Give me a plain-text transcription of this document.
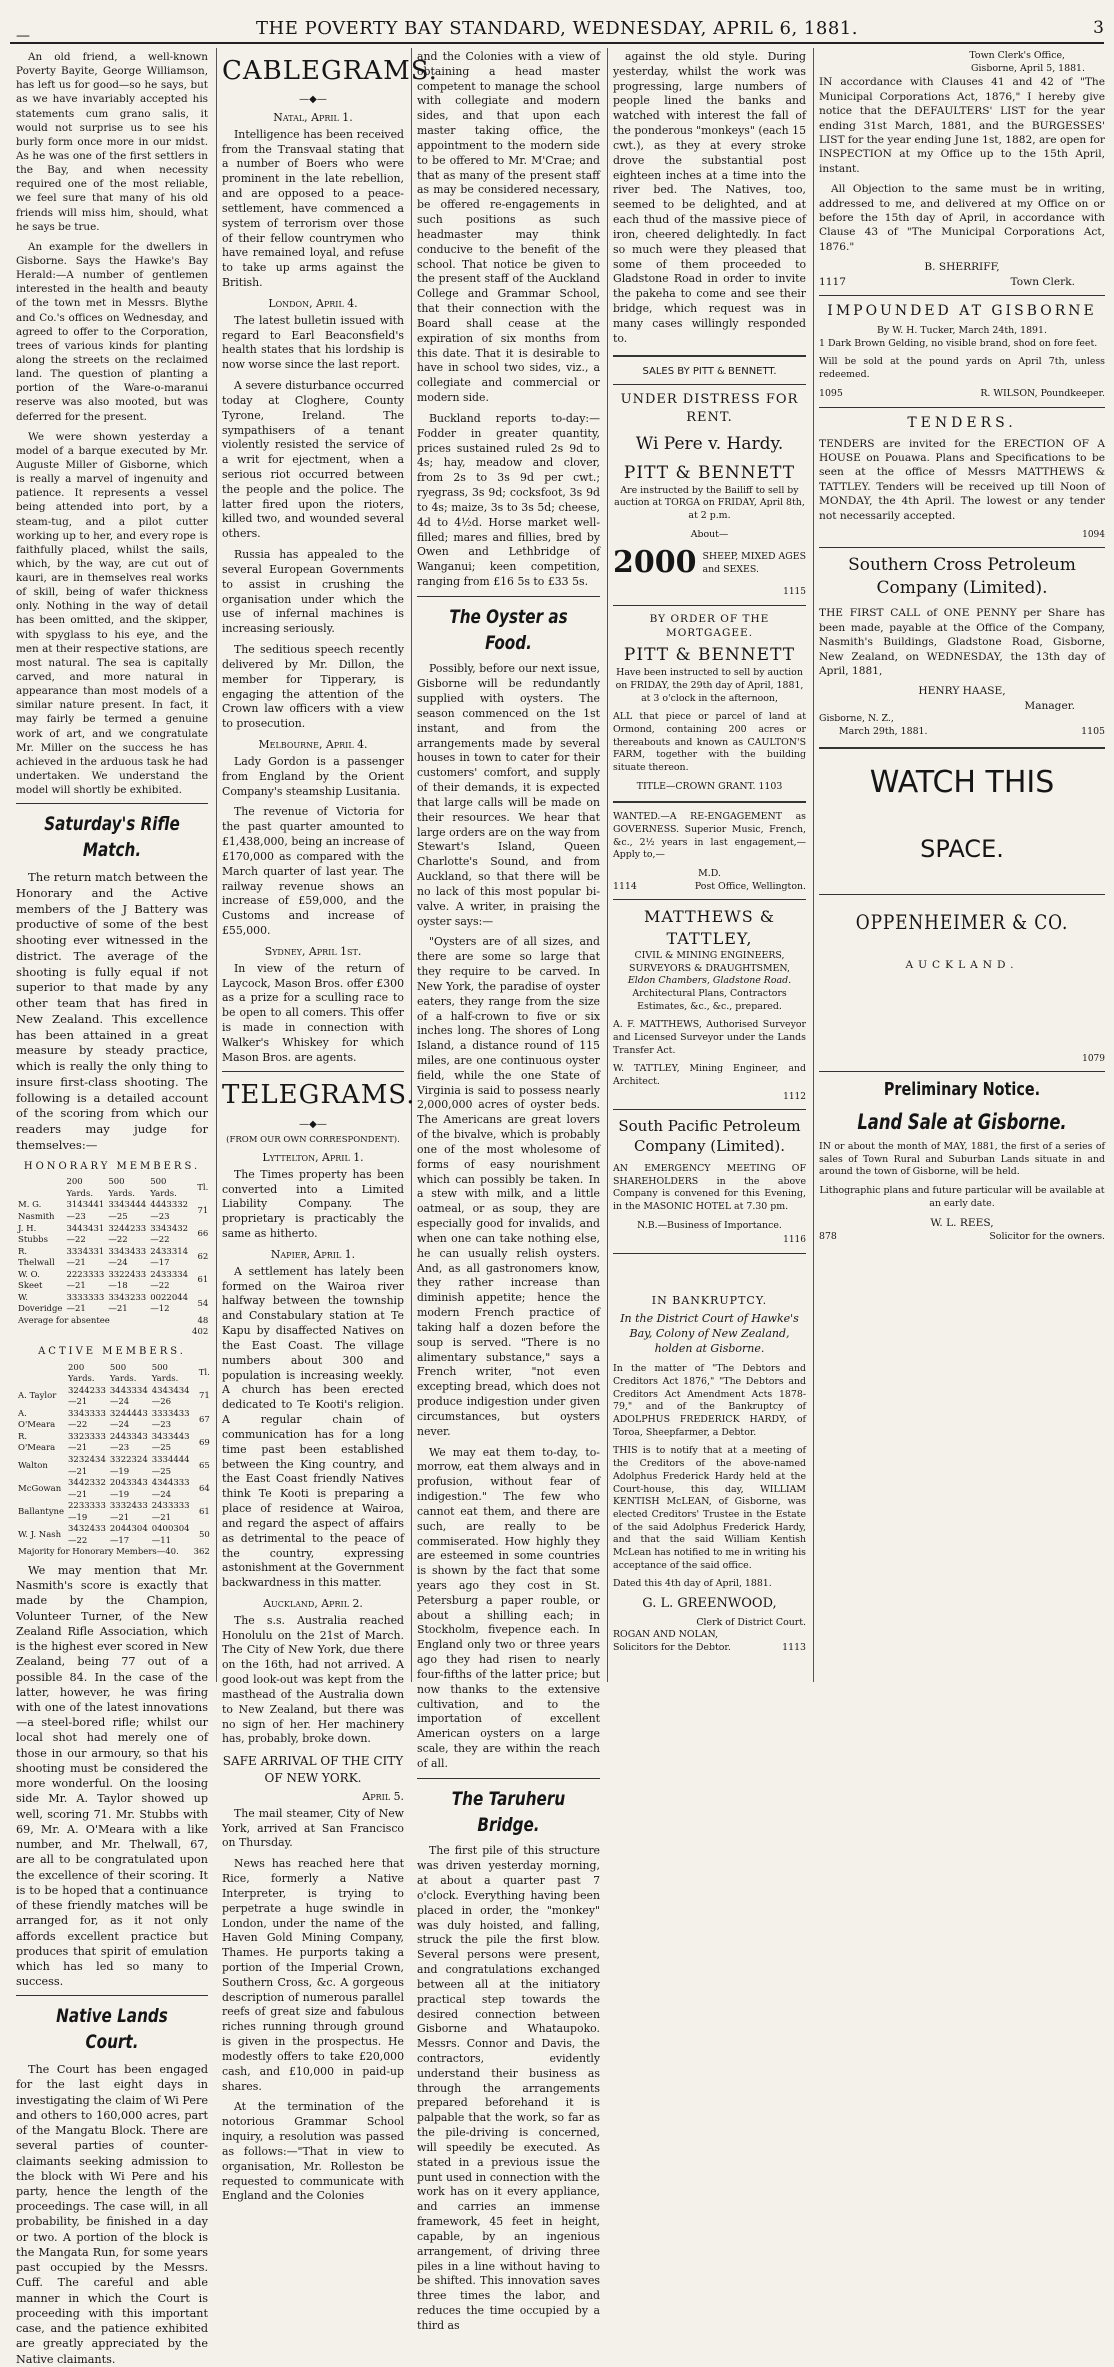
—	THE POVERTY BAY STANDARD, WEDNESDAY, APRIL 6, 1881.	3

An old friend, a well-known Poverty Bayite, George Williamson, has left us for good—so he says, but as we have invariably accepted his statements cum grano salis, it would not surprise us to see his burly form once more in our midst. As he was one of the first settlers in the Bay, and when necessity required one of the most reliable, we feel sure that many of his old friends will miss him, should, what he says be true.

An example for the dwellers in Gisborne. Says the Hawke's Bay Herald:—A number of gentlemen interested in the health and beauty of the town met in Messrs. Blythe and Co.'s offices on Wednesday, and agreed to offer to the Corporation, trees of various kinds for planting along the streets on the reclaimed land. The question of planting a portion of the Ware-o-maranui reserve was also mooted, but was deferred for the present.

We were shown yesterday a model of a barque executed by Mr. Auguste Miller of Gisborne, which is really a marvel of ingenuity and patience. It represents a vessel being attended into port, by a steam-tug, and a pilot cutter working up to her, and every rope is faithfully placed, whilst the sails, which, by the way, are cut out of kauri, are in themselves real works of skill, being of wafer thickness only. Nothing in the way of detail has been omitted, and the skipper, with spyglass to his eye, and the men at their respective stations, are most natural. The sea is capitally carved, and more natural in appearance than most models of a similar nature present. In fact, it may fairly be termed a genuine work of art, and we congratulate Mr. Miller on the success he has achieved in the arduous task he had undertaken. We understand the model will shortly be exhibited.

Saturday's Rifle Match.

The return match between the Honorary and the Active members of the J Battery was productive of some of the best shooting ever witnessed in the district. The average of the shooting is fully equal if not superior to that made by any other team that has fired in New Zealand. This excellence has been attained in a great measure by steady practice, which is really the only thing to insure first-class shooting. The following is a detailed account of the scoring from which our readers may judge for themselves:—

HONORARY MEMBERS.
	200 Yards.	500 Yards.	500 Yards.	Tl.
M. G. Nasmith	3143441—23	3343444—25	4443332—23	71
J. H. Stubbs	3443431—22	3244233—22	3343432—22	66
R. Thelwall	3334331—21	3343433—24	2433314—17	62
W. O. Skeet	2223333—21	3322433—18	2433334—22	61
W. Doveridge	3333333—21	3343233—21	0022044—12	54
Average for absentee				48
				402
ACTIVE MEMBERS.
	200 Yards.	500 Yards.	500 Yards.	Tl.
A. Taylor	3244233—21	3443334—24	4343434—26	71
A. O'Meara	3343333—22	3244443—24	3333433—23	67
R. O'Meara	3323333—21	2443343—23	3433443—25	69
Walton	3232434—21	3322324—19	3334444—25	65
McGowan	3442332—21	2043343—19	4344333—24	64
Ballantyne	2233333—19	3332433—21	2433333—21	61
W. J. Nash	3432433—22	2044304—17	0400304—11	50
Majority for Honorary Members—40.				362

We may mention that Mr. Nasmith's score is exactly that made by the Champion, Volunteer Turner, of the New Zealand Rifle Association, which is the highest ever scored in New Zealand, being 77 out of a possible 84. In the case of the latter, however, he was firing with one of the latest innovations—a steel-bored rifle; whilst our local shot had merely one of those in our armoury, so that his shooting must be considered the more wonderful. On the loosing side Mr. A. Taylor showed up well, scoring 71. Mr. Stubbs with 69, Mr. A. O'Meara with a like number, and Mr. Thelwall, 67, are all to be congratulated upon the excellence of their scoring. It is to be hoped that a continuance of these friendly matches will be arranged for, as it not only affords excellent practice but produces that spirit of emulation which has led so many to success.

Native Lands Court.

The Court has been engaged for the last eight days in investigating the claim of Wi Pere and others to 160,000 acres, part of the Mangatu Block. There are several parties of counter-claimants seeking admission to the block with Wi Pere and his party, hence the length of the proceedings. The case will, in all probability, be finished in a day or two. A portion of the block is the Mangata Run, for some years past occupied by the Messrs. Cuff. The careful and able manner in which the Court is proceeding with this important case, and the patience exhibited are greatly appreciated by the Native claimants.

CABLEGRAMS.
—◆—
Natal, April 1.

Intelligence has been received from the Transvaal stating that a number of Boers who were prominent in the late rebellion, and are opposed to a peace-settlement, have commenced a system of terrorism over those of their fellow countrymen who have remained loyal, and refuse to take up arms against the British.

London, April 4.

The latest bulletin issued with regard to Earl Beaconsfield's health states that his lordship is now worse since the last report.

A severe disturbance occurred today at Cloghere, County Tyrone, Ireland. The sympathisers of a tenant violently resisted the service of a writ for ejectment, when a serious riot occurred between the people and the police. The latter fired upon the rioters, killed two, and wounded several others.

Russia has appealed to the several European Governments to assist in crushing the organisation under which the use of infernal machines is increasing seriously.

The seditious speech recently delivered by Mr. Dillon, the member for Tipperary, is engaging the attention of the Crown law officers with a view to prosecution.

Melbourne, April 4.

Lady Gordon is a passenger from England by the Orient Company's steamship Lusitania.

The revenue of Victoria for the past quarter amounted to £1,438,000, being an increase of £170,000 as compared with the March quarter of last year. The railway revenue shows an increase of £59,000, and the Customs and increase of £55,000.

Sydney, April 1st.

In view of the return of Laycock, Mason Bros. offer £300 as a prize for a sculling race to be open to all comers. This offer is made in connection with Walker's Whiskey for which Mason Bros. are agents.

TELEGRAMS.
—◆—
(FROM OUR OWN CORRESPONDENT).
Lyttelton, April 1.

The Times property has been converted into a Limited Liability Company. The proprietary is practicably the same as hitherto.

Napier, April 1.

A settlement has lately been formed on the Wairoa river halfway between the township and Constabulary station at Te Kapu by disaffected Natives on the East Coast. The village numbers about 300 and population is increasing weekly. A church has been erected dedicated to Te Kooti's religion. A regular chain of communication has for a long time past been established between the King country, and the East Coast friendly Natives think Te Kooti is preparing a place of residence at Wairoa, and regard the aspect of affairs as detrimental to the peace of the country, expressing astonishment at the Government backwardness in this matter.

Auckland, April 2.

The s.s. Australia reached Honolulu on the 21st of March. The City of New York, due there on the 16th, had not arrived. A good look-out was kept from the masthead of the Australia down to New Zealand, but there was no sign of her. Her machinery has, probably, broke down.

SAFE ARRIVAL OF THE CITY OF NEW YORK.
April 5.

The mail steamer, City of New York, arrived at San Francisco on Thursday.

News has reached here that Rice, formerly a Native Interpreter, is trying to perpetrate a huge swindle in London, under the name of the Haven Gold Mining Company, Thames. He purports taking a portion of the Imperial Crown, Southern Cross, &c. A gorgeous description of numerous parallel reefs of great size and fabulous riches running through ground is given in the prospectus. He modestly offers to take £20,000 cash, and £10,000 in paid-up shares.

At the termination of the notorious Grammar School inquiry, a resolution was passed as follows:—"That in view to organisation, Mr. Rolleston be requested to communicate with England and the Colonies

and the Colonies with a view of obtaining a head master competent to manage the school with collegiate and modern sides, and that upon each master taking office, the appointment to the modern side to be offered to Mr. M'Crae; and that as many of the present staff as may be considered necessary, be offered re-engagements in such positions as such headmaster may think conducive to the benefit of the school. That notice be given to the present staff of the Auckland College and Grammar School, that their connection with the Board shall cease at the expiration of six months from this date. That it is desirable to have in school two sides, viz., a collegiate and commercial or modern side.

Buckland reports to-day:—Fodder in greater quantity, prices sustained ruled 2s 9d to 4s; hay, meadow and clover, from 2s to 3s 9d per cwt.; ryegrass, 3s 9d; cocksfoot, 3s 9d to 4s; maize, 3s to 3s 5d; cheese, 4d to 4½d. Horse market well-filled; mares and fillies, bred by Owen and Lethbridge of Wanganui; keen competition, ranging from £16 5s to £33 5s.

The Oyster as Food.

Possibly, before our next issue, Gisborne will be redundantly supplied with oysters. The season commenced on the 1st instant, and from the arrangements made by several houses in town to cater for their customers' comfort, and supply of their demands, it is expected that large calls will be made on their resources. We hear that large orders are on the way from Stewart's Island, Queen Charlotte's Sound, and from Auckland, so that there will be no lack of this most popular bi-valve. A writer, in praising the oyster says:—

"Oysters are of all sizes, and there are some so large that they require to be carved. In New York, the paradise of oyster eaters, they range from the size of a half-crown to five or six inches long. The shores of Long Island, a distance round of 115 miles, are one continuous oyster field, while the one State of Virginia is said to possess nearly 2,000,000 acres of oyster beds. The Americans are great lovers of the bivalve, which is probably one of the most wholesome of forms of easy nourishment which can possibly be taken. In a stew with milk, and a little oatmeal, or as soup, they are especially good for invalids, and when one can take nothing else, he can usually relish oysters. And, as all gastronomers know, they rather increase than diminish appetite; hence the modern French practice of taking half a dozen before the soup is served. "There is no alimentary substance," says a French writer, "not even excepting bread, which does not produce indigestion under given circumstances, but oysters never.

We may eat them to-day, to-morrow, eat them always and in profusion, without fear of indigestion." The few who cannot eat them, and there are such, are really to be commiserated. How highly they are esteemed in some countries is shown by the fact that some years ago they cost in St. Petersburg a paper rouble, or about a shilling each; in Stockholm, fivepence each. In England only two or three years ago they had risen to nearly four-fifths of the latter price; but now thanks to the extensive cultivation, and to the importation of excellent American oysters on a large scale, they are within the reach of all.

The Taruheru Bridge.

The first pile of this structure was driven yesterday morning, at about a quarter past 7 o'clock. Everything having been placed in order, the "monkey" was duly hoisted, and falling, struck the pile the first blow. Several persons were present, and congratulations exchanged between all at the initiatory practical step towards the desired connection between Gisborne and Whataupoko. Messrs. Connor and Davis, the contractors, evidently understand their business as through the arrangements prepared beforehand it is palpable that the work, so far as the pile-driving is concerned, will speedily be executed. As stated in a previous issue the punt used in connection with the work has on it every appliance, and carries an immense framework, 45 feet in height, capable, by an ingenious arrangement, of driving three piles in a line without having to be shifted. This innovation saves three times the labor, and reduces the time occupied by a third as

against the old style. During yesterday, whilst the work was progressing, large numbers of people lined the banks and watched with interest the fall of the ponderous "monkeys" (each 15 cwt.), as they at every stroke drove the substantial post eighteen inches at a time into the river bed. The Natives, too, seemed to be delighted, and at each thud of the massive piece of iron, cheered delightedly. In fact so much were they pleased that some of them proceeded to Gladstone Road in order to invite the pakeha to come and see their bridge, which request was in many cases willingly responded to.

SALES BY PITT & BENNETT.
UNDER DISTRESS FOR RENT.
Wi Pere v. Hardy.
PITT & BENNETT

Are instructed by the Bailiff to sell by auction at TORGA on FRIDAY, April 8th, at 2 p.m.

About—
2000 SHEEP, MIXED AGES and SEXES.
1115
BY ORDER OF THE MORTGAGEE.
PITT & BENNETT

Have been instructed to sell by auction on FRIDAY, the 29th day of April, 1881, at 3 o'clock in the afternoon,

ALL that piece or parcel of land at Ormond, containing 200 acres or thereabouts and known as CAULTON'S FARM, together with the building situate thereon.

TITLE—CROWN GRANT. 1103

WANTED.—A RE-ENGAGEMENT as GOVERNESS. Superior Music, French, &c., 2½ years in last engagement,—Apply to,—

M.D.
1114	Post Office, Wellington.
MATTHEWS & TATTLEY,
CIVIL & MINING ENGINEERS, SURVEYORS & DRAUGHTSMEN,
Eldon Chambers, Gladstone Road.

Architectural Plans, Contractors Estimates, &c., &c., prepared.

A. F. MATTHEWS, Authorised Surveyor and Licensed Surveyor under the Lands Transfer Act.

W. TATTLEY, Mining Engineer, and Architect.

1112
South Pacific Petroleum Company (Limited).

AN EMERGENCY MEETING OF SHAREHOLDERS in the above Company is convened for this Evening, in the MASONIC HOTEL at 7.30 pm.

N.B.—Business of Importance.
1116
IN BANKRUPTCY.

In the District Court of Hawke's Bay, Colony of New Zealand, holden at Gisborne.

In the matter of "The Debtors and Creditors Act 1876," "The Debtors and Creditors Act Amendment Acts 1878-79," and of the Bankruptcy of ADOLPHUS FREDERICK HARDY, of Toroa, Sheepfarmer, a Debtor.

THIS is to notify that at a meeting of the Creditors of the above-named Adolphus Frederick Hardy held at the Court-house, this day, WILLIAM KENTISH McLEAN, of Gisborne, was elected Creditors' Trustee in the Estate of the said Adolphus Frederick Hardy, and that the said William Kentish McLean has notified to me in writing his acceptance of the said office.

Dated this 4th day of April, 1881.
G. L. GREENWOOD,
Clerk of District Court.
ROGAN AND NOLAN,
Solicitors for the Debtor.	1113
Town Clerk's Office,
Gisborne, April 5, 1881.

IN accordance with Clauses 41 and 42 of "The Municipal Corporations Act, 1876," I hereby give notice that the DEFAULTERS' LIST for the year ending 31st March, 1881, and the BURGESSES' LIST for the year ending June 1st, 1882, are open for INSPECTION at my Office up to the 15th April, instant.

All Objection to the same must be in writing, addressed to me, and delivered at my Office on or before the 15th day of April, in accordance with Clause 43 of "The Municipal Corporations Act, 1876."

B. SHERRIFF,
1117	Town Clerk.
IMPOUNDED AT GISBORNE
By W. H. Tucker, March 24th, 1891.

1 Dark Brown Gelding, no visible brand, shod on fore feet.

Will be sold at the pound yards on April 7th, unless redeemed.

1095	R. WILSON, Poundkeeper.
TENDERS.

TENDERS are invited for the ERECTION OF A HOUSE on Pouawa. Plans and Specifications to be seen at the office of Messrs MATTHEWS & TATTLEY. Tenders will be received up till Noon of MONDAY, the 4th April. The lowest or any tender not necessarily accepted.

1094
Southern Cross Petroleum Company (Limited).

THE FIRST CALL of ONE PENNY per Share has been made, payable at the Office of the Company, Nasmith's Buildings, Gladstone Road, Gisborne, New Zealand, on WEDNESDAY, the 13th day of April, 1881,

HENRY HAASE,
Manager.
Gisborne, N. Z.,
March 29th, 1881.	1105
WATCH THIS
SPACE.
OPPENHEIMER & CO.
AUCKLAND.
1079
Preliminary Notice.
Land Sale at Gisborne.

IN or about the month of MAY, 1881, the first of a series of sales of Town Rural and Suburban Lands situate in and around the town of Gisborne, will be held.

Lithographic plans and future particular will be available at an early date.

W. L. REES,
878	Solicitor for the owners.
